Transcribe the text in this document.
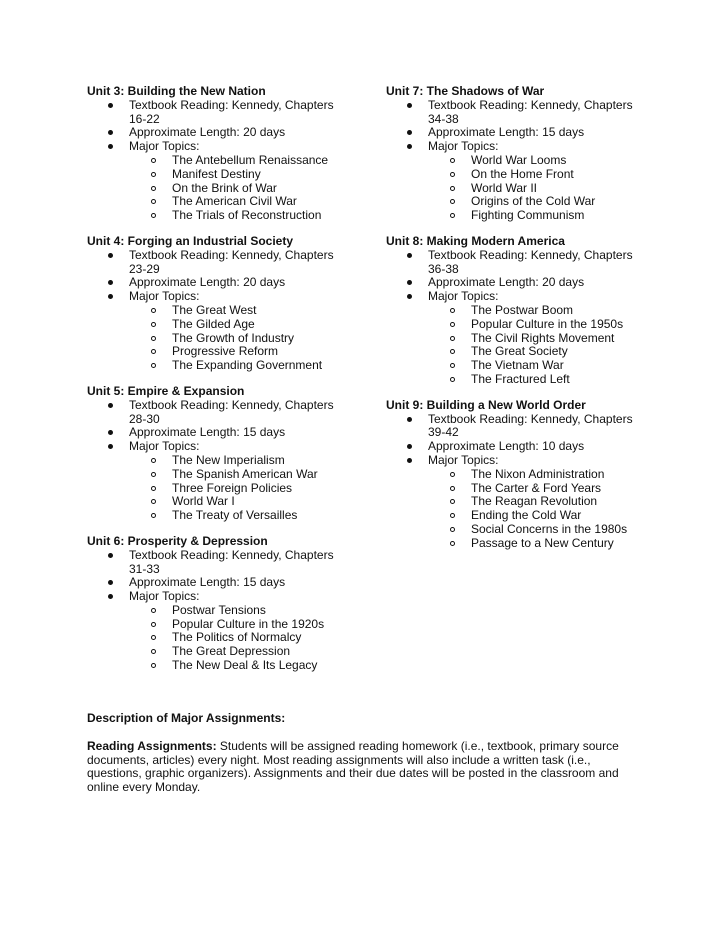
Unit 3: Building the New Nation
Textbook Reading: Kennedy, Chapters
16-22
Approximate Length: 20 days
Major Topics:
The Antebellum Renaissance
Manifest Destiny
On the Brink of War
The American Civil War
The Trials of Reconstruction
Unit 4: Forging an Industrial Society
Textbook Reading: Kennedy, Chapters
23-29
Approximate Length: 20 days
Major Topics:
The Great West
The Gilded Age
The Growth of Industry
Progressive Reform
The Expanding Government
Unit 5: Empire & Expansion
Textbook Reading: Kennedy, Chapters
28-30
Approximate Length: 15 days
Major Topics:
The New Imperialism
The Spanish American War
Three Foreign Policies
World War I
The Treaty of Versailles
Unit 6: Prosperity & Depression
Textbook Reading: Kennedy, Chapters
31-33
Approximate Length: 15 days
Major Topics:
Postwar Tensions
Popular Culture in the 1920s
The Politics of Normalcy
The Great Depression
The New Deal & Its Legacy
Unit 7: The Shadows of War
Textbook Reading: Kennedy, Chapters
34-38
Approximate Length: 15 days
Major Topics:
World War Looms
On the Home Front
World War II
Origins of the Cold War
Fighting Communism
Unit 8: Making Modern America
Textbook Reading: Kennedy, Chapters
36-38
Approximate Length: 20 days
Major Topics:
The Postwar Boom
Popular Culture in the 1950s
The Civil Rights Movement
The Great Society
The Vietnam War
The Fractured Left
Unit 9: Building a New World Order
Textbook Reading: Kennedy, Chapters
39-42
Approximate Length: 10 days
Major Topics:
The Nixon Administration
The Carter & Ford Years
The Reagan Revolution
Ending the Cold War
Social Concerns in the 1980s
Passage to a New Century
Description of Major Assignments:
Reading Assignments: Students will be assigned reading homework (i.e., textbook, primary source documents, articles) every night. Most reading assignments will also include a written task (i.e., questions, graphic organizers). Assignments and their due dates will be posted in the classroom and online every Monday.
